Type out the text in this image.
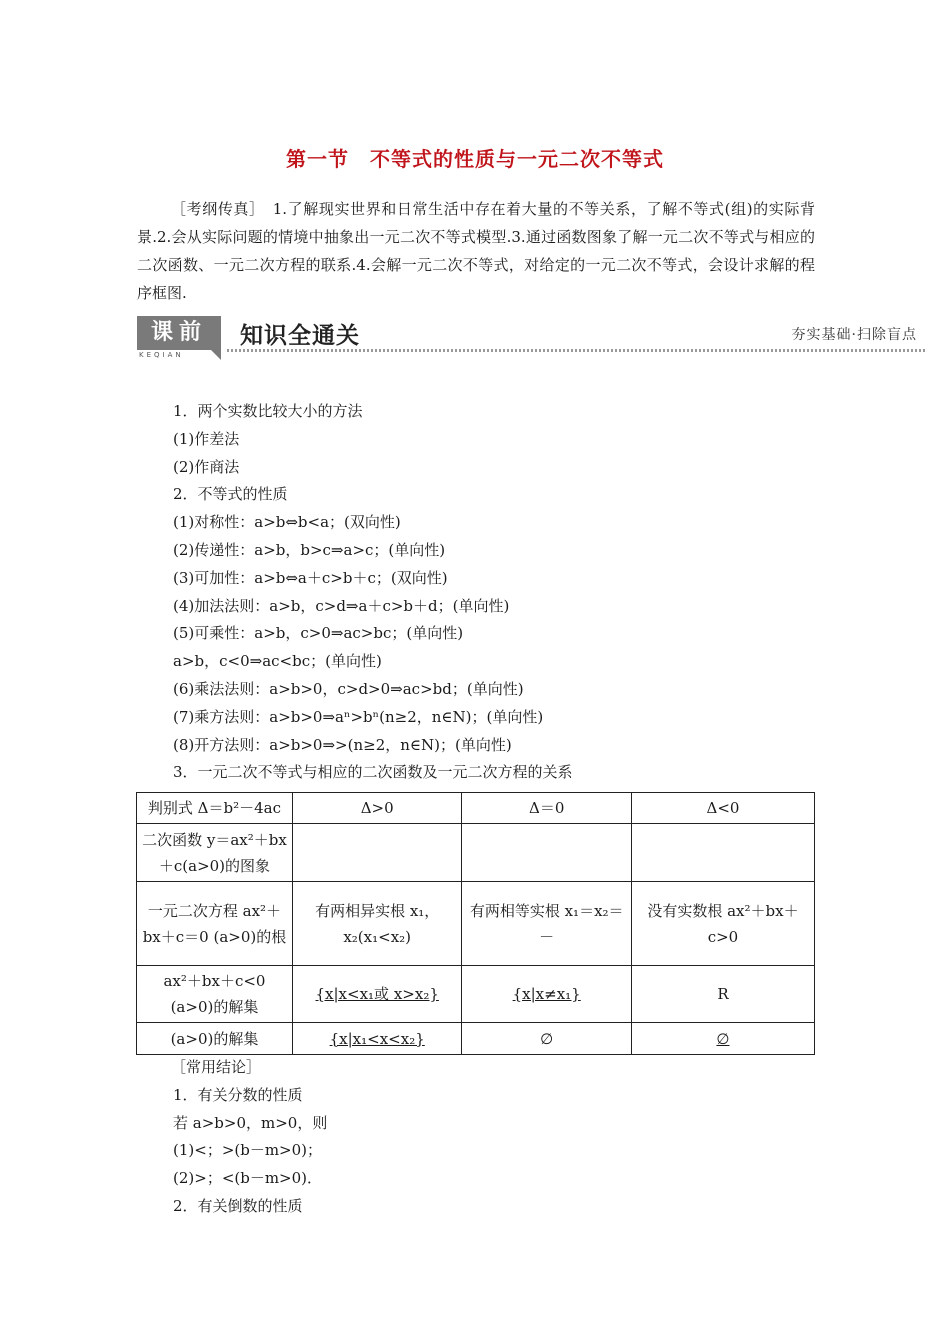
第一节　不等式的性质与一元二次不等式
［考纲传真］　1.了解现实世界和日常生活中存在着大量的不等关系，了解不等式(组)的实际背景.2.会从实际问题的情境中抽象出一元二次不等式模型.3.通过函数图象了解一元二次不等式与相应的二次函数、一元二次方程的联系.4.会解一元二次不等式，对给定的一元二次不等式，会设计求解的程序框图.
课前
KEQIAN
知识全通关	夯实基础·扫除盲点
1．两个实数比较大小的方法
(1)作差法
(2)作商法
2．不等式的性质
(1)对称性：a>b⇔b<a；(双向性)
(2)传递性：a>b，b>c⇒a>c；(单向性)
(3)可加性：a>b⇔a＋c>b＋c；(双向性)
(4)加法法则：a>b，c>d⇒a＋c>b＋d；(单向性)
(5)可乘性：a>b，c>0⇒ac>bc；(单向性)
a>b，c<0⇒ac<bc；(单向性)
(6)乘法法则：a>b>0，c>d>0⇒ac>bd；(单向性)
(7)乘方法则：a>b>0⇒aⁿ>bⁿ(n≥2，n∈N)；(单向性)
(8)开方法则：a>b>0⇒>(n≥2，n∈N)；(单向性)
3．一元二次不等式与相应的二次函数及一元二次方程的关系
判别式 Δ＝b²－4ac	Δ>0	Δ＝0	Δ<0
二次函数 y＝ax²＋bx＋c(a>0)的图象			
一元二次方程 ax²＋bx＋c＝0 (a>0)的根	有两相异实根 x₁，x₂(x₁<x₂)	有两相等实根 x₁＝x₂＝－	没有实数根 ax²＋bx＋c>0
ax²＋bx＋c<0 (a>0)的解集	{x|x<x₁或 x>x₂}	{x|x≠x₁}	R
(a>0)的解集	{x|x₁<x<x₂}	∅	∅
［常用结论］
1．有关分数的性质
若 a>b>0，m>0，则
(1)<；>(b－m>0)；
(2)>；<(b－m>0)．
2．有关倒数的性质
